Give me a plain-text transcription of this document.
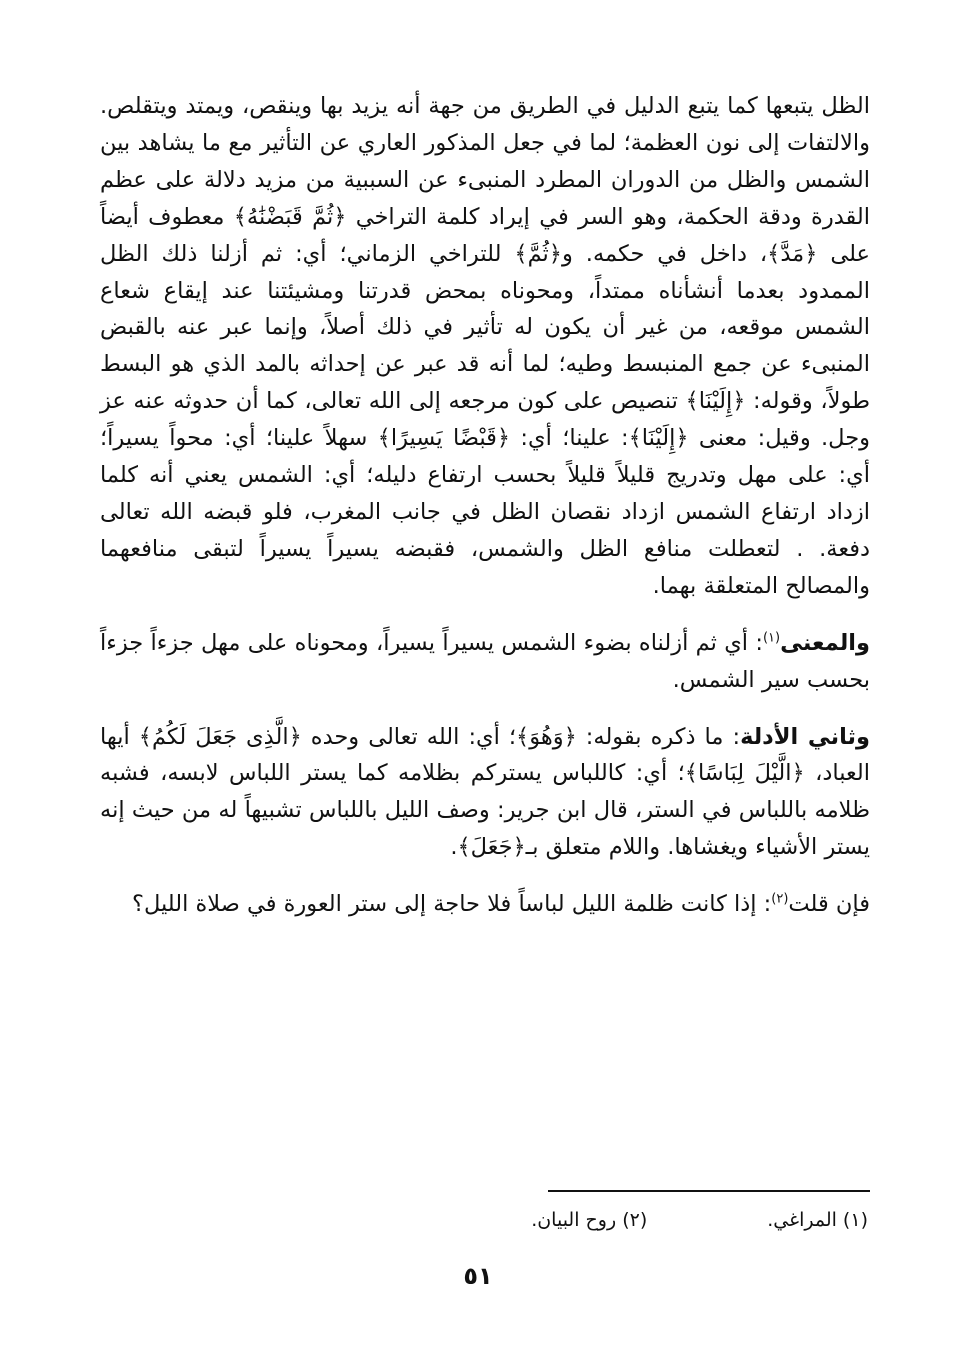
الظل يتبعها كما يتبع الدليل في الطريق من جهة أنه يزيد بها وينقص، ويمتد ويتقلص. والالتفات إلى نون العظمة؛ لما في جعل المذكور العاري عن التأثير مع ما يشاهد بين الشمس والظل من الدوران المطرد المنبىء عن السببية من مزيد دلالة على عظم القدرة ودقة الحكمة، وهو السر في إيراد كلمة التراخي ﴿ثُمَّ قَبَضْنَٰهُ﴾ معطوف أيضاً على ﴿مَدَّ﴾، داخل في حكمه. و﴿ثُمَّ﴾ للتراخي الزماني؛ أي: ثم أزلنا ذلك الظل الممدود بعدما أنشأناه ممتداً، ومحوناه بمحض قدرتنا ومشيئتنا عند إيقاع شعاع الشمس موقعه، من غير أن يكون له تأثير في ذلك أصلاً، وإنما عبر عنه بالقبض المنبىء عن جمع المنبسط وطيه؛ لما أنه قد عبر عن إحداثه بالمد الذي هو البسط طولاً، وقوله: ﴿إِلَيْنَا﴾ تنصيص على كون مرجعه إلى الله تعالى، كما أن حدوثه عنه عز وجل. وقيل: معنى ﴿إِلَيْنَا﴾: علينا؛ أي: ﴿قَبْضًا يَسِيرًا﴾ سهلاً علينا؛ أي: محواً يسيراً؛ أي: على مهل وتدريج قليلاً قليلاً بحسب ارتفاع دليله؛ أي: الشمس يعني أنه كلما ازداد ارتفاع الشمس ازداد نقصان الظل في جانب المغرب، فلو قبضه الله تعالى دفعة. . لتعطلت منافع الظل والشمس، فقبضه يسيراً يسيراً لتبقى منافعهما والمصالح المتعلقة بهما.

والمعنى$^{(١)}$: أي ثم أزلناه بضوء الشمس يسيراً يسيراً، ومحوناه على مهل جزءاً جزءاً بحسب سير الشمس.

وثاني الأدلة: ما ذكره بقوله: ﴿وَهُوَ﴾؛ أي: الله تعالى وحده ﴿الَّذِى جَعَلَ لَكُمُ﴾ أيها العباد، ﴿الَّيْلَ لِبَاسًا﴾؛ أي: كاللباس يستركم بظلامه كما يستر اللباس لابسه، فشبه ظلامه باللباس في الستر، قال ابن جرير: وصف الليل باللباس تشبيهاً له من حيث إنه يستر الأشياء ويغشاها. واللام متعلق بـ﴿جَعَلَ﴾.

فإن قلت$^{(٢)}$: إذا كانت ظلمة الليل لباساً فلا حاجة إلى ستر العورة في صلاة الليل؟

(١) المراغي.
(٢) روح البيان.
٥١
